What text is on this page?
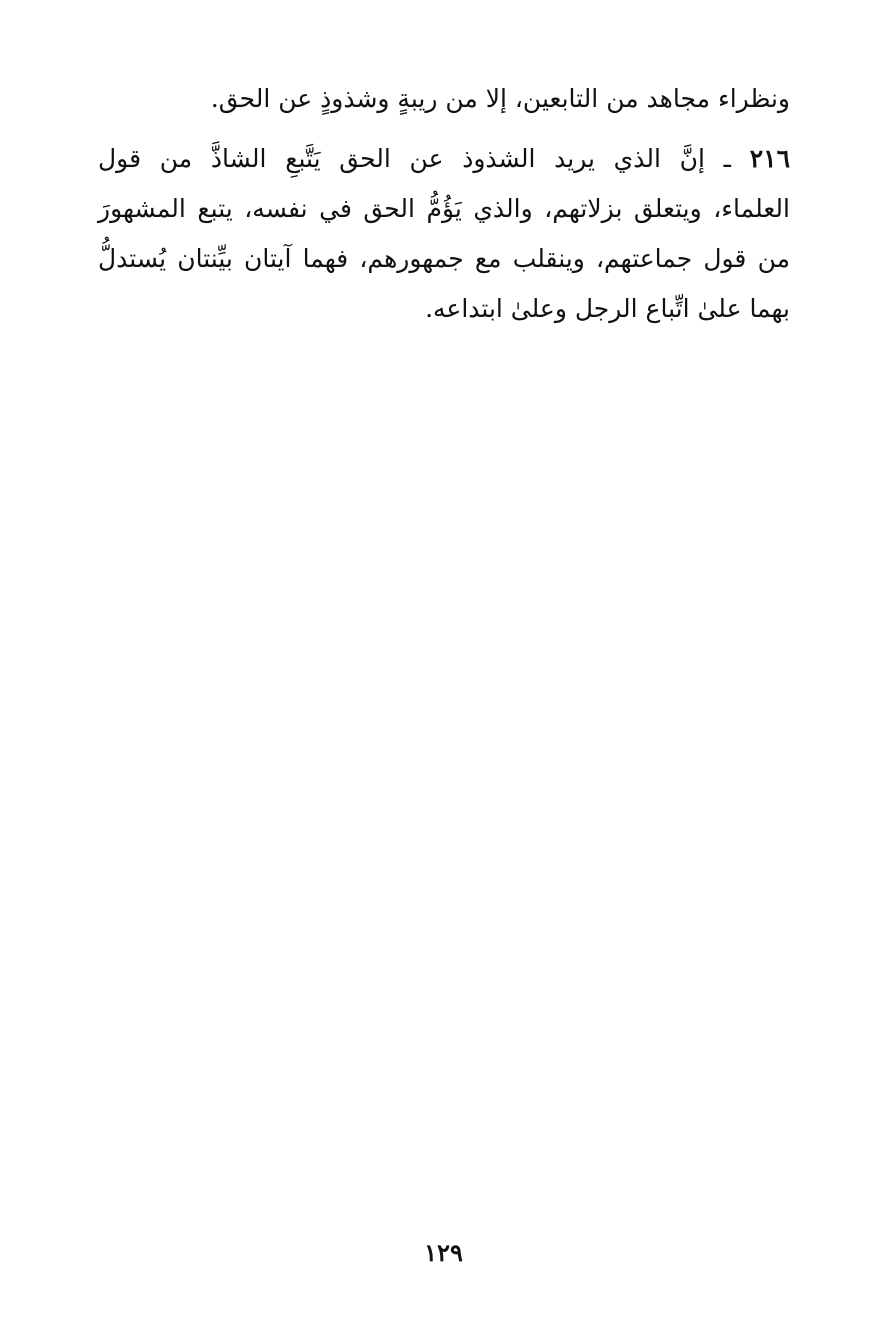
ونظراء مجاهد من التابعين، إلا من ريبةٍ وشذوذٍ عن الحق.
٢١٦ ـ إنَّ الذي يريد الشذوذ عن الحق يَتَّبعِ الشاذَّ من قول
العلماء، ويتعلق بزلاتهم، والذي يَؤُمُّ الحق في نفسه، يتبع المشهورَ
من قول جماعتهم، وينقلب مع جمهورهم، فهما آيتان بيِّنتان يُستدلُّ
بهما علىٰ اتِّباع الرجل وعلىٰ ابتداعه.
١٢٩
